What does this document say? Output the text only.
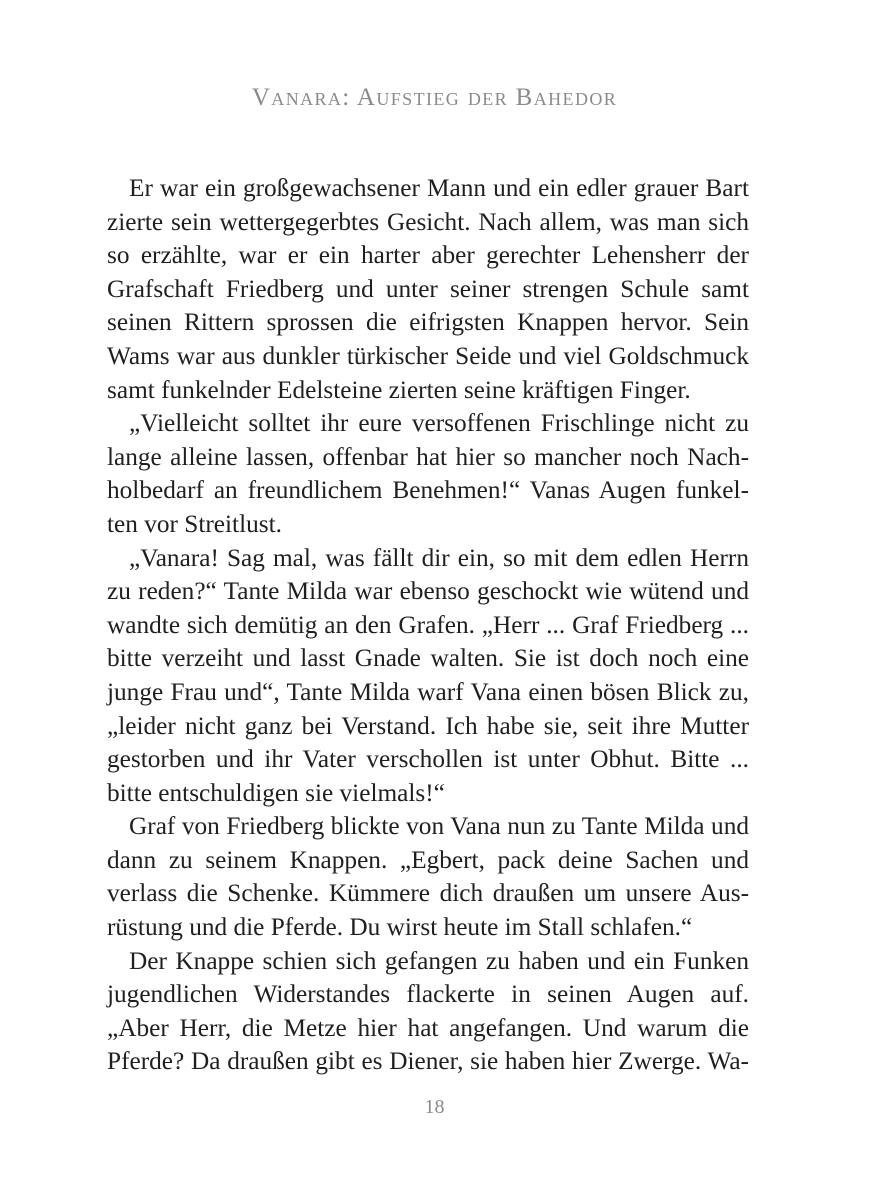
Vanara: Aufstieg der Bahedor

Er war ein großgewachsener Mann und ein edler grauer Bart zierte sein wettergegerbtes Gesicht. Nach allem, was man sich so erzählte, war er ein harter aber gerechter Lehensherr der Grafschaft Friedberg und unter seiner strengen Schule samt seinen Rittern sprossen die eifrigsten Knappen hervor. Sein Wams war aus dunkler türkischer Seide und viel Goldschmuck samt funkelnder Edelsteine zierten seine kräftigen Finger.

„Vielleicht solltet ihr eure versoffenen Frischlinge nicht zu lange alleine lassen, offenbar hat hier so mancher noch Nachholbedarf an freundlichem Benehmen!“ Vanas Augen funkelten vor Streitlust.

„Vanara! Sag mal, was fällt dir ein, so mit dem edlen Herrn zu reden?“ Tante Milda war ebenso geschockt wie wütend und wandte sich demütig an den Grafen. „Herr ... Graf Friedberg ... bitte verzeiht und lasst Gnade walten. Sie ist doch noch eine junge Frau und“, Tante Milda warf Vana einen bösen Blick zu, „leider nicht ganz bei Verstand. Ich habe sie, seit ihre Mutter gestorben und ihr Vater verschollen ist unter Obhut. Bitte ... bitte entschuldigen sie vielmals!“

Graf von Friedberg blickte von Vana nun zu Tante Milda und dann zu seinem Knappen. „Egbert, pack deine Sachen und verlass die Schenke. Kümmere dich draußen um unsere Ausrüstung und die Pferde. Du wirst heute im Stall schlafen.“

Der Knappe schien sich gefangen zu haben und ein Funken jugendlichen Widerstandes flackerte in seinen Augen auf. „Aber Herr, die Metze hier hat angefangen. Und warum die Pferde? Da draußen gibt es Diener, sie haben hier Zwerge. Wa-

18
